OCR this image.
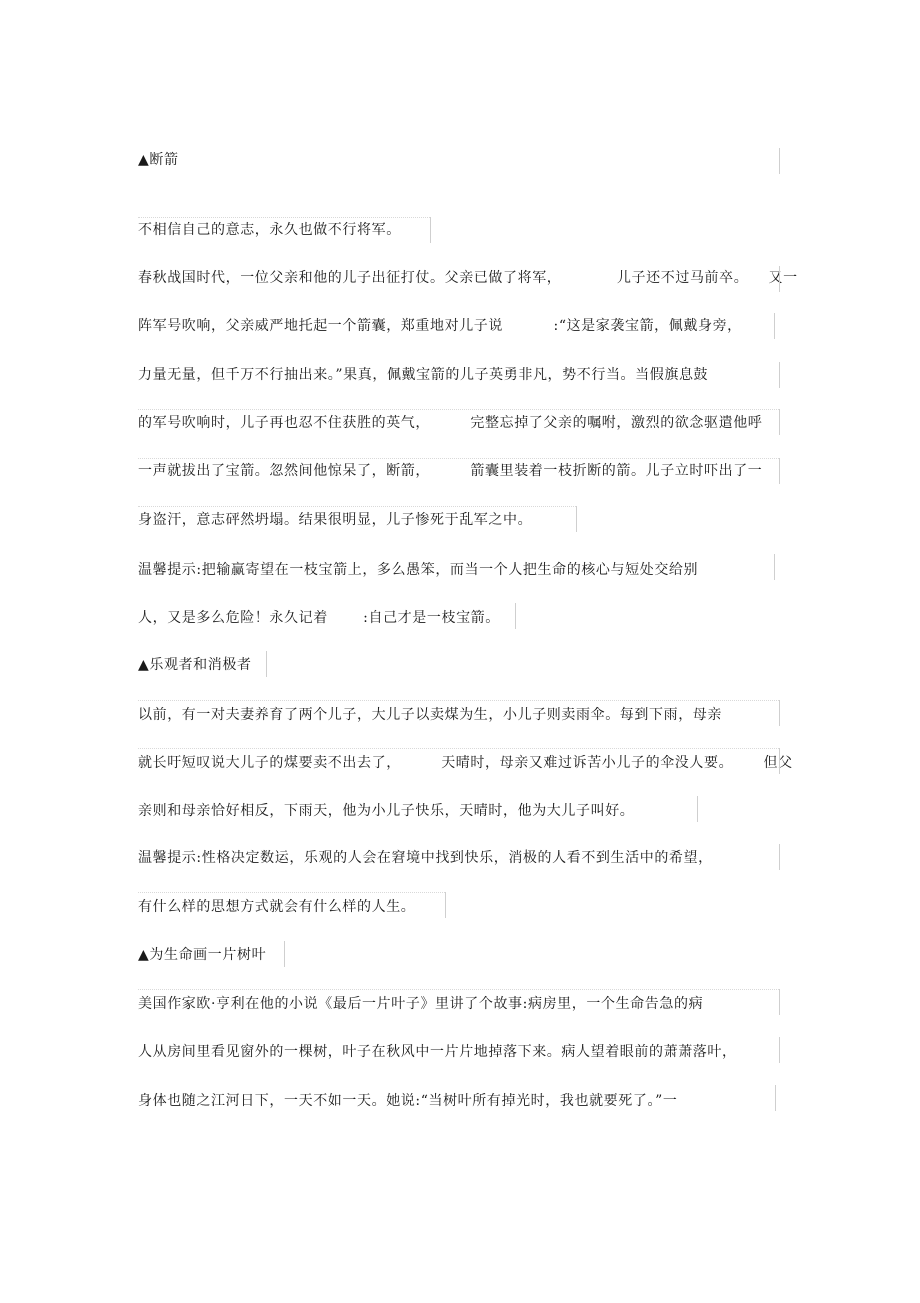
▲断箭
不相信自己的意志，永久也做不行将军。
春秋战国时代，一位父亲和他的儿子出征打仗。父亲已做了将军，           儿子还不过马前卒。    又一
阵军号吹响，父亲威严地托起一个箭囊，郑重地对儿子说          :“这是家袭宝箭，佩戴身旁，
力量无量，但千万不行抽出来。”果真，佩戴宝箭的儿子英勇非凡，势不行当。当假旗息鼓
的军号吹响时，儿子再也忍不住获胜的英气，        完整忘掉了父亲的嘱咐，激烈的欲念驱遣他呼
一声就拔出了宝箭。忽然间他惊呆了，断箭，        箭囊里装着一枝折断的箭。儿子立时吓出了一
身盗汗，意志砰然坍塌。结果很明显，儿子惨死于乱军之中。
温馨提示:把输赢寄望在一枝宝箭上，多么愚笨，而当一个人把生命的核心与短处交给别
人，又是多么危险！永久记着       :自己才是一枝宝箭。
▲乐观者和消极者
以前，有一对夫妻养育了两个儿子，大儿子以卖煤为生，小儿子则卖雨伞。每到下雨，母亲
就长吁短叹说大儿子的煤要卖不出去了，        天晴时，母亲又难过诉苦小儿子的伞没人要。      但父
亲则和母亲恰好相反，下雨天，他为小儿子快乐，天晴时，他为大儿子叫好。
温馨提示:性格决定数运，乐观的人会在窘境中找到快乐，消极的人看不到生活中的希望，
有什么样的思想方式就会有什么样的人生。
▲为生命画一片树叶
美国作家欧·亨利在他的小说《最后一片叶子》里讲了个故事:病房里，一个生命告急的病
人从房间里看见窗外的一棵树，叶子在秋风中一片片地掉落下来。病人望着眼前的萧萧落叶，
身体也随之江河日下，一天不如一天。她说:“当树叶所有掉光时，我也就要死了。”一
